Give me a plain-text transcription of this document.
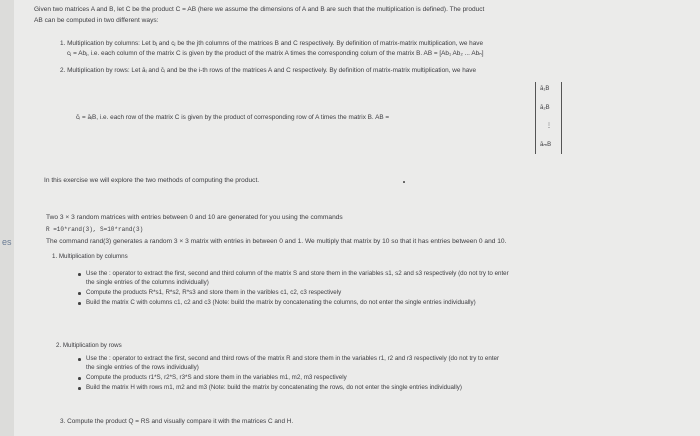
es
Given two matrices A and B, let C be the product C = AB (here we assume the dimensions of A and B are such that the multiplication is defined). The product
AB can be computed in two different ways:
1. Multiplication by columns: Let bⱼ and cⱼ be the jth columns of the matrices B and C respectively. By definition of matrix-matrix multiplication, we have
cⱼ = Abⱼ, i.e. each column of the matrix C is given by the product of the matrix A times the corresponding colum of the matrix B. AB = [Ab₁ Ab₂ ... Abₙ]
2. Multiplication by rows: Let āᵢ and c̄ᵢ and be the i-th rows of the matrices A and C respectively. By definition of matrix-matrix multiplication, we have
c̄ᵢ = āᵢB, i.e. each row of the matrix C is given by the product of corresponding row of A times the matrix B. AB =
ā₁B
ā₂B
⋮
āₘB
In this exercise we will explore the two methods of computing the product.
Two 3 × 3 random matrices with entries between 0 and 10 are generated for you using the commands
R =10*rand(3), S=10*rand(3)
The command rand(3) generates a random 3 × 3 matrix with entries in between 0 and 1. We multiply that matrix by 10 so that it has entries between 0 and 10.
1. Multiplication by columns
Use the : operator to extract the first, second and third column of the matrix S and store them in the variables s1, s2 and s3 respectively (do not try to enter
the single entries of the columns individually)
Compute the products R*s1, R*s2, R*s3 and store them in the varibles c1, c2, c3 respectively
Build the matrix C with columns c1, c2 and c3 (Note: build the matrix by concatenating the columns, do not enter the single entries individually)
2. Multiplication by rows
Use the : operator to extract the first, second and third rows of the matrix R and store them in the variables r1, r2 and r3 respectively (do not try to enter
the single entries of the rows individually)
Compute the products r1*S, r2*S, r3*S and store them in the variables m1, m2, m3 respectively
Build the matrix H with rows m1, m2 and m3 (Note: build the matrix by concatenating the rows, do not enter the single entries individually)
3. Compute the product Q = RS and visually compare it with the matrices C and H.
